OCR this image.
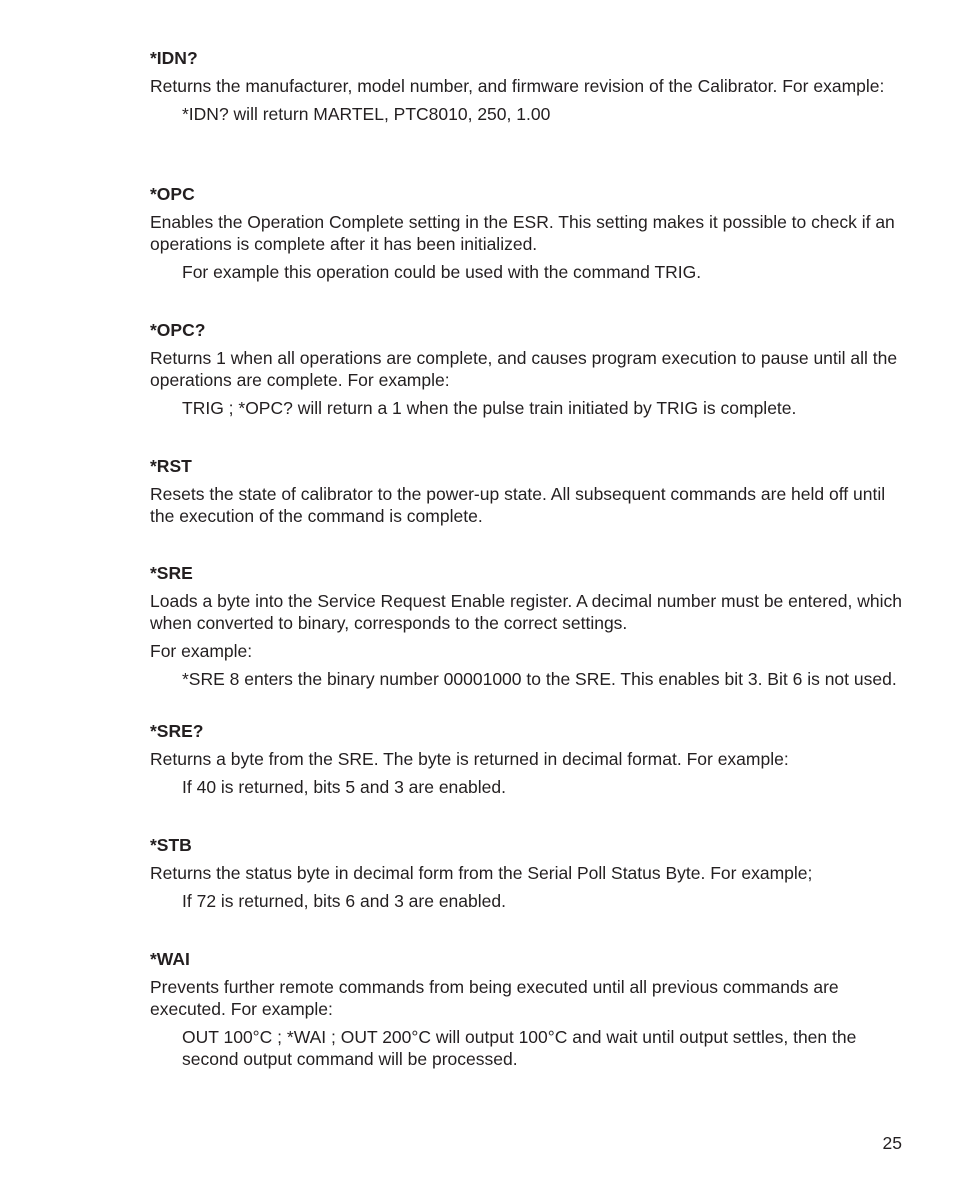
*IDN?

Returns the manufacturer, model number, and firmware revision of the Calibrator. For example:

*IDN? will return MARTEL, PTC8010, 250, 1.00

*OPC

Enables the Operation Complete setting in the ESR. This setting makes it possible to check if an operations is complete after it has been initialized.

For example this operation could be used with the command TRIG.

*OPC?

Returns 1 when all operations are complete, and causes program execution to pause until all the operations are complete. For example:

TRIG ; *OPC? will return a 1 when the pulse train initiated by TRIG is complete.

*RST

Resets the state of calibrator to the power-up state. All subsequent commands are held off until the execution of the command is complete.

*SRE

Loads a byte into the Service Request Enable register. A decimal number must be entered, which when converted to binary, corresponds to the correct settings.

For example:

*SRE 8 enters the binary number 00001000 to the SRE. This enables bit 3. Bit 6 is not used.

*SRE?

Returns a byte from the SRE. The byte is returned in decimal format. For example:

If 40 is returned, bits 5 and 3 are enabled.

*STB

Returns the status byte in decimal form from the Serial Poll Status Byte. For example;

If 72 is returned, bits 6 and 3 are enabled.

*WAI

Prevents further remote commands from being executed until all previous commands are executed. For example:

OUT 100°C ; *WAI ; OUT 200°C will output 100°C and wait until output settles, then the second output command will be processed.

25
